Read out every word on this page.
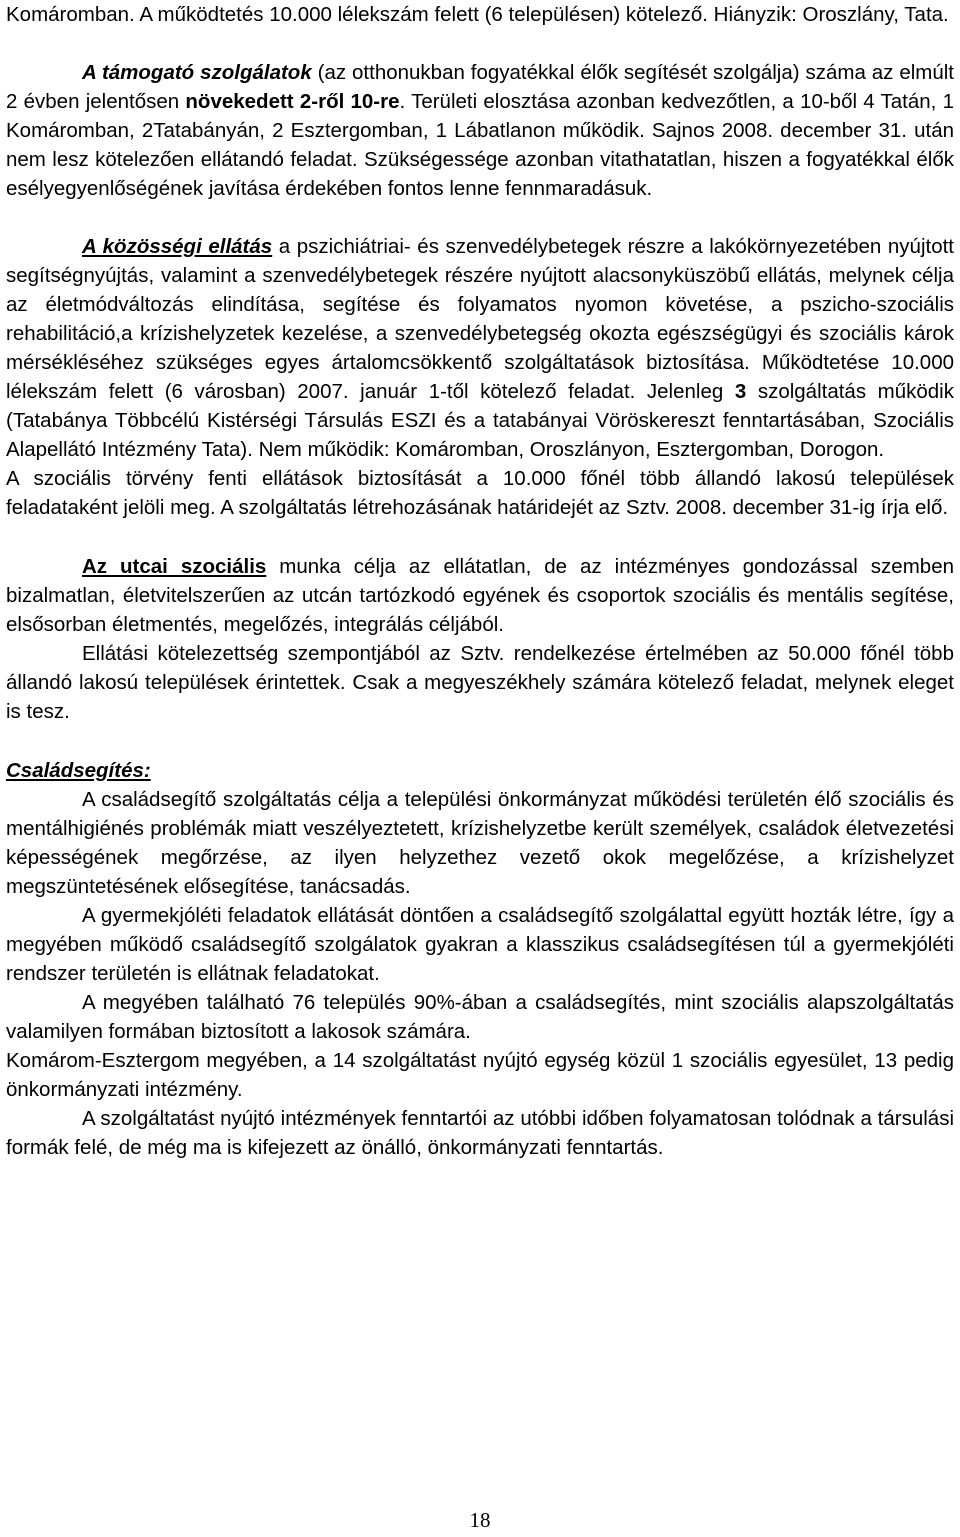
Komáromban. A működtetés 10.000 lélekszám felett (6 településen) kötelező. Hiányzik: Oroszlány, Tata.

A támogató szolgálatok (az otthonukban fogyatékkal élők segítését szolgálja) száma az elmúlt 2 évben jelentősen növekedett 2-ről 10-re. Területi elosztása azonban kedvezőtlen, a 10-ből 4 Tatán, 1 Komáromban, 2Tatabányán, 2 Esztergomban, 1 Lábatlanon működik. Sajnos 2008. december 31. után nem lesz kötelezően ellátandó feladat. Szükségessége azonban vitathatatlan, hiszen a fogyatékkal élők esélyegyenlőségének javítása érdekében fontos lenne fennmaradásuk.

A közösségi ellátás a pszichiátriai- és szenvedélybetegek részre a lakókörnyezetében nyújtott segítségnyújtás, valamint a szenvedélybetegek részére nyújtott alacsonyküszöbű ellátás, melynek célja az életmódváltozás elindítása, segítése és folyamatos nyomon követése, a pszicho-szociális rehabilitáció,a krízishelyzetek kezelése, a szenvedélybetegség okozta egészségügyi és szociális károk mérsékléséhez szükséges egyes ártalomcsökkentő szolgáltatások biztosítása. Működtetése 10.000 lélekszám felett (6 városban) 2007. január 1-től kötelező feladat. Jelenleg 3 szolgáltatás működik (Tatabánya Többcélú Kistérségi Társulás ESZI és a tatabányai Vöröskereszt fenntartásában, Szociális Alapellátó Intézmény Tata). Nem működik: Komáromban, Oroszlányon, Esztergomban, Dorogon.

A szociális törvény fenti ellátások biztosítását a 10.000 főnél több állandó lakosú települések feladataként jelöli meg. A szolgáltatás létrehozásának határidejét az Sztv. 2008. december 31-ig írja elő.

Az utcai szociális munka célja az ellátatlan, de az intézményes gondozással szemben bizalmatlan, életvitelszerűen az utcán tartózkodó egyének és csoportok szociális és mentális segítése, elsősorban életmentés, megelőzés, integrálás céljából.

Ellátási kötelezettség szempontjából az Sztv. rendelkezése értelmében az 50.000 főnél több állandó lakosú települések érintettek. Csak a megyeszékhely számára kötelező feladat, melynek eleget is tesz.

Családsegítés:

A családsegítő szolgáltatás célja a települési önkormányzat működési területén élő szociális és mentálhigiénés problémák miatt veszélyeztetett, krízishelyzetbe került személyek, családok életvezetési képességének megőrzése, az ilyen helyzethez vezető okok megelőzése, a krízishelyzet megszüntetésének elősegítése, tanácsadás.

A gyermekjóléti feladatok ellátását döntően a családsegítő szolgálattal együtt hozták létre, így a megyében működő családsegítő szolgálatok gyakran a klasszikus családsegítésen túl a gyermekjóléti rendszer területén is ellátnak feladatokat.

A megyében található 76 település 90%-ában a családsegítés, mint szociális alapszolgáltatás valamilyen formában biztosított a lakosok számára.

Komárom-Esztergom megyében, a 14 szolgáltatást nyújtó egység közül 1 szociális egyesület, 13 pedig önkormányzati intézmény.

A szolgáltatást nyújtó intézmények fenntartói az utóbbi időben folyamatosan tolódnak a társulási formák felé, de még ma is kifejezett az önálló, önkormányzati fenntartás.

18
